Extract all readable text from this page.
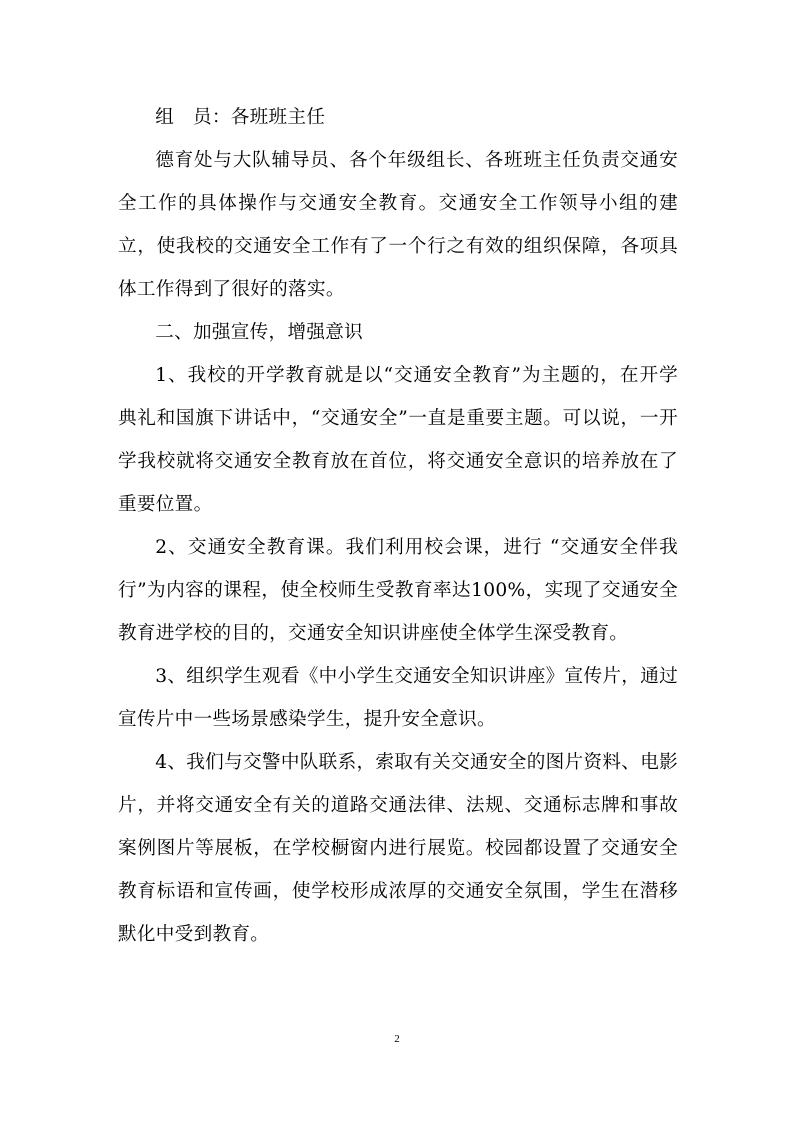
组　员：各班班主任

德育处与大队辅导员、各个年级组长、各班班主任负责交通安全工作的具体操作与交通安全教育。交通安全工作领导小组的建立，使我校的交通安全工作有了一个行之有效的组织保障，各项具体工作得到了很好的落实。

二、加强宣传，增强意识

1、我校的开学教育就是以“交通安全教育”为主题的，在开学典礼和国旗下讲话中，“交通安全”一直是重要主题。可以说，一开学我校就将交通安全教育放在首位，将交通安全意识的培养放在了重要位置。

2、交通安全教育课。我们利用校会课，进行 “交通安全伴我行”为内容的课程，使全校师生受教育率达100%，实现了交通安全教育进学校的目的，交通安全知识讲座使全体学生深受教育。

3、组织学生观看《中小学生交通安全知识讲座》宣传片，通过宣传片中一些场景感染学生，提升安全意识。

4、我们与交警中队联系，索取有关交通安全的图片资料、电影片，并将交通安全有关的道路交通法律、法规、交通标志牌和事故案例图片等展板，在学校橱窗内进行展览。校园都设置了交通安全教育标语和宣传画，使学校形成浓厚的交通安全氛围，学生在潜移默化中受到教育。

2
